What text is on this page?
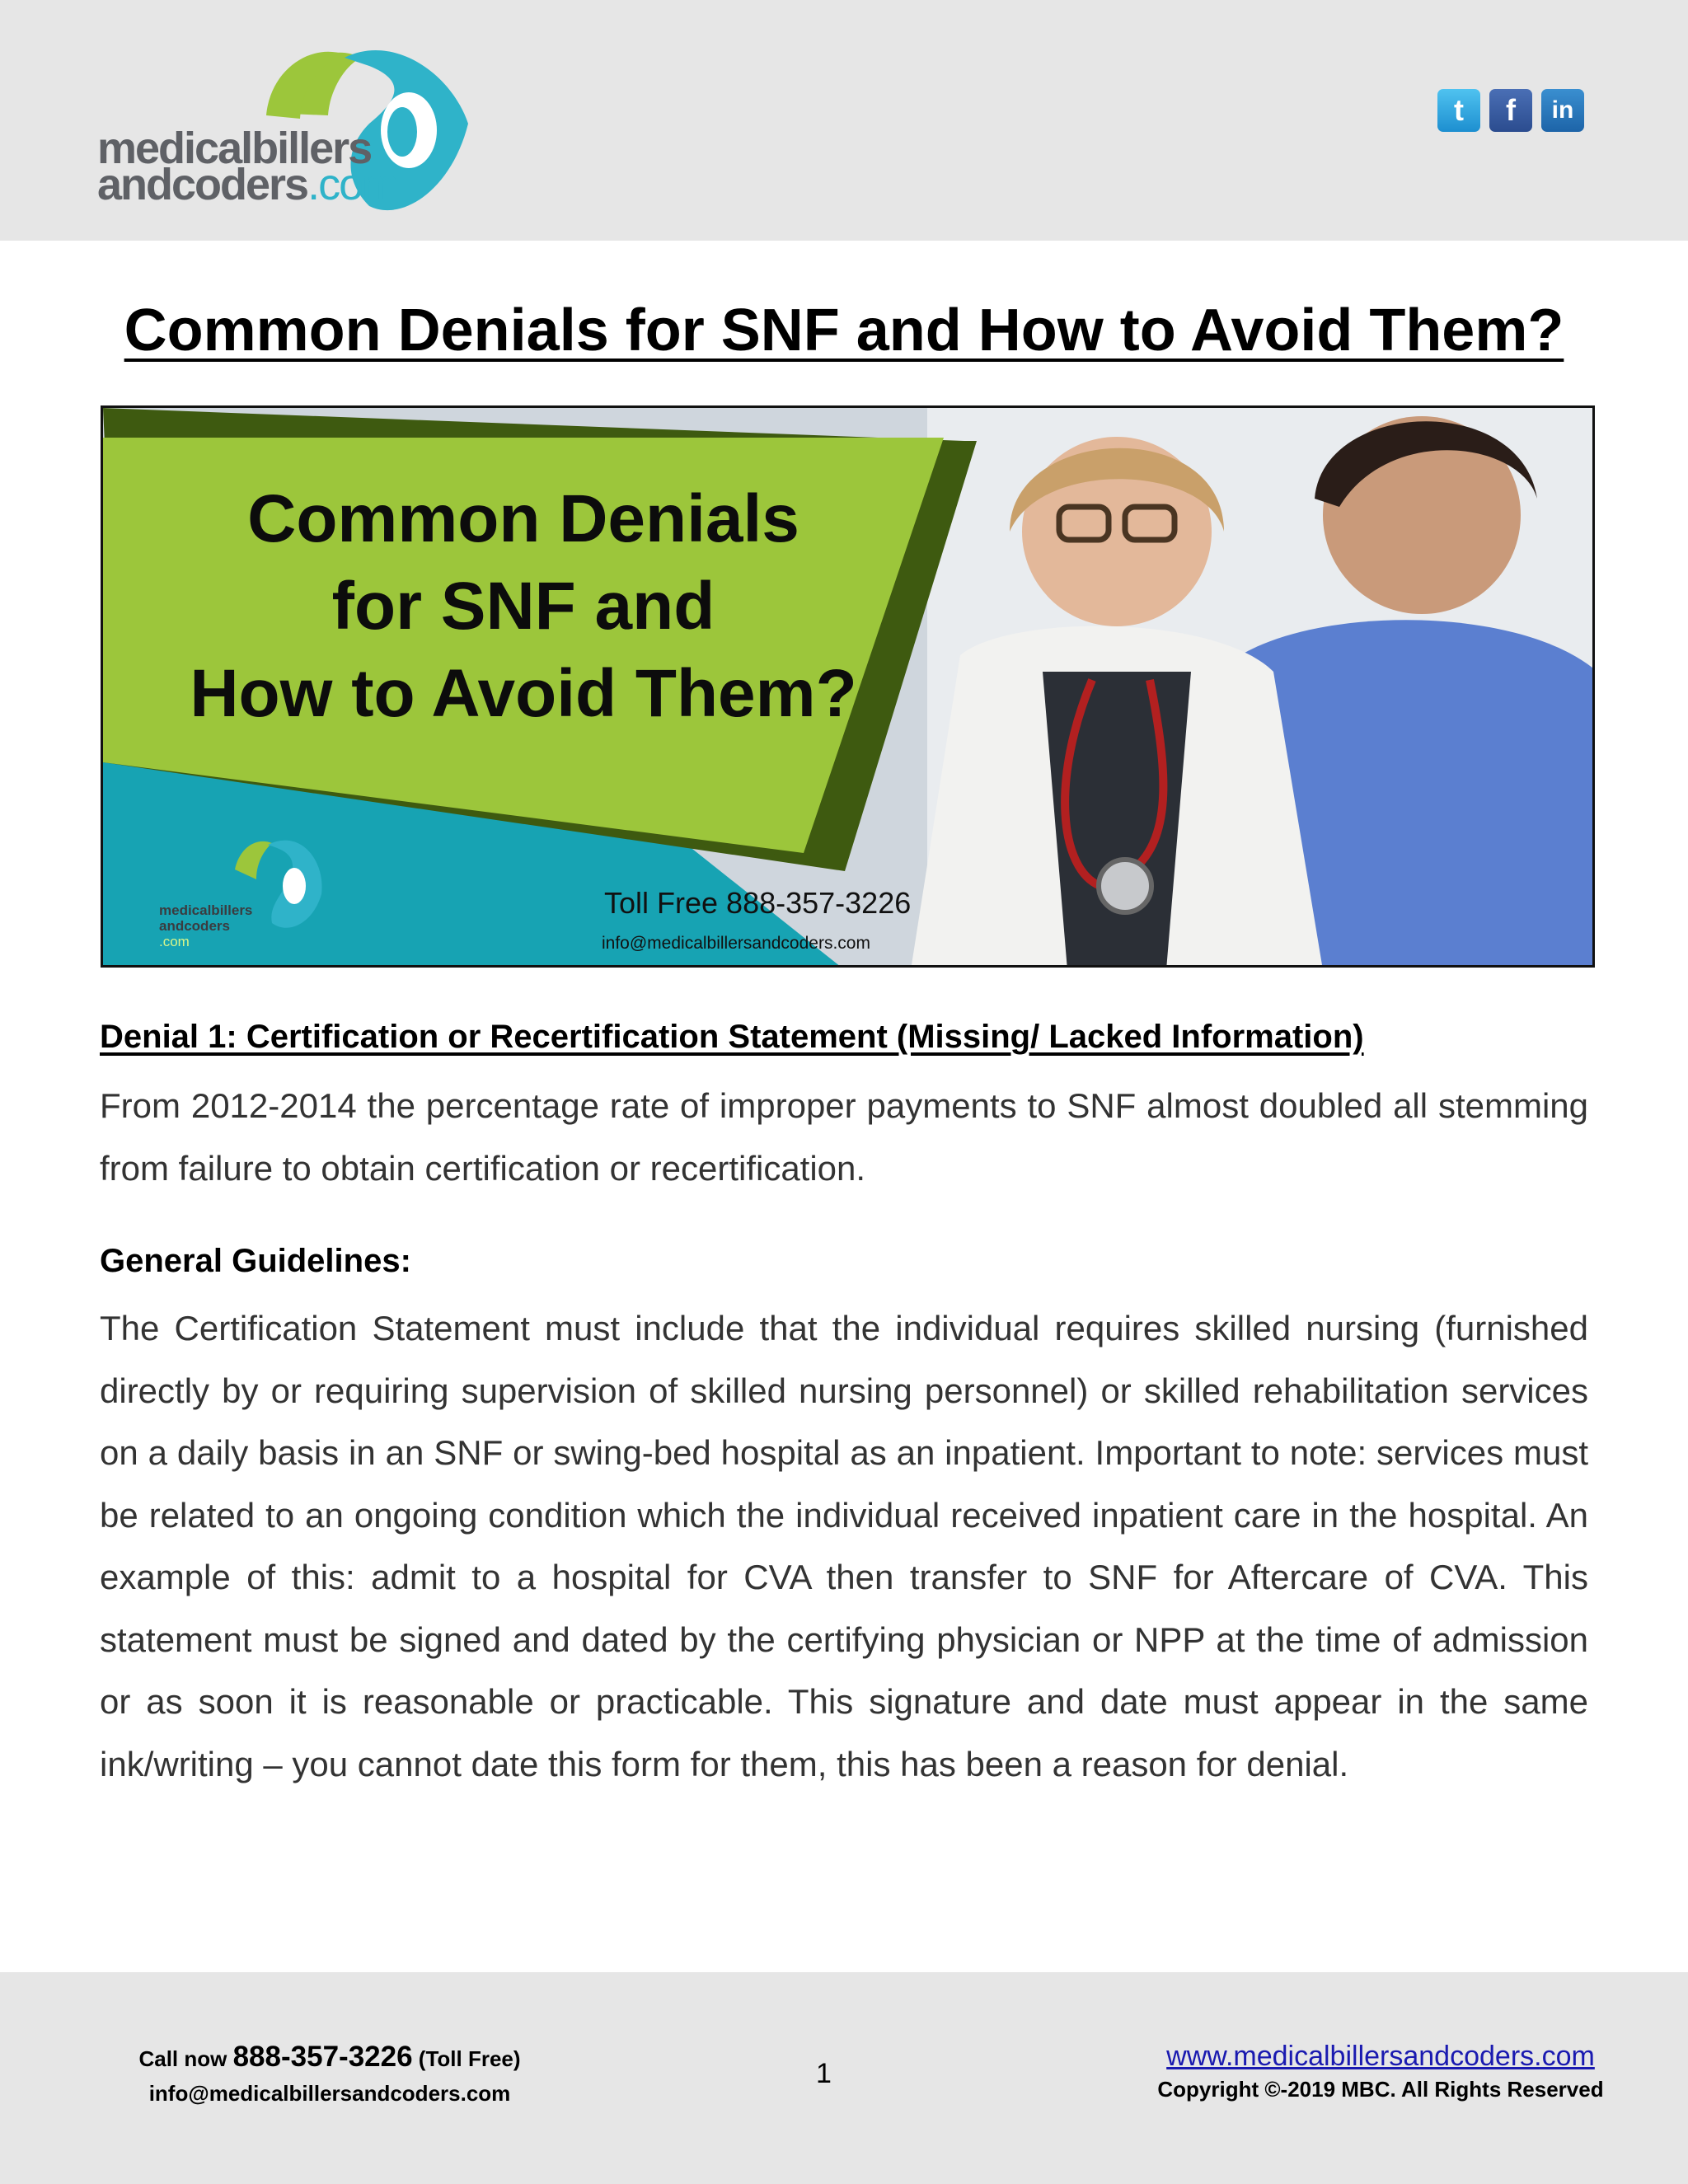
medicalbillers
andcoders.com
t	f	in
Common Denials for SNF and How to Avoid Them?
Common Denials
for SNF and
How to Avoid Them?
medicalbillers
andcoders
.com
Toll Free 888-357-3226
info@medicalbillersandcoders.com
Denial 1: Certification or Recertification Statement (Missing/ Lacked Information)

From 2012-2014 the percentage rate of improper payments to SNF almost doubled all stemming from failure to obtain certification or recertification.

General Guidelines:

The Certification Statement must include that the individual requires skilled nursing (furnished directly by or requiring supervision of skilled nursing personnel) or skilled rehabilitation services on a daily basis in an SNF or swing-bed hospital as an inpatient. Important to note: services must be related to an ongoing condition which the individual received inpatient care in the hospital. An example of this: admit to a hospital for CVA then transfer to SNF for Aftercare of CVA. This statement must be signed and dated by the certifying physician or NPP at the time of admission or as soon it is reasonable or practicable. This signature and date must appear in the same ink/writing – you cannot date this form for them, this has been a reason for denial.

Call now 888-357-3226 (Toll Free)
info@medicalbillersandcoders.com
1
www.medicalbillersandcoders.com
Copyright ©-2019 MBC. All Rights Reserved
